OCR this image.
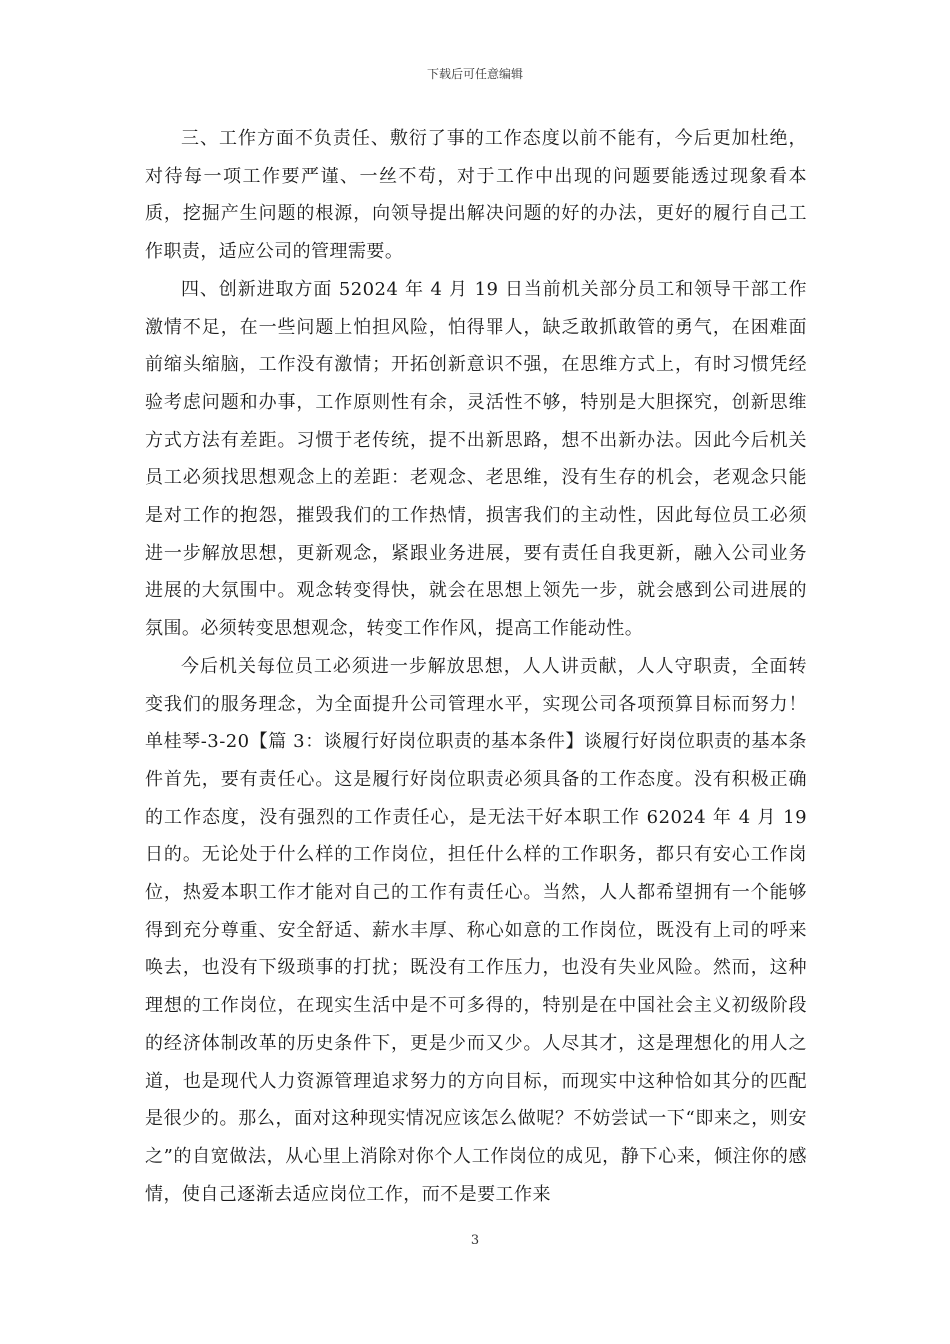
下载后可任意编辑

三、工作方面不负责任、敷衍了事的工作态度以前不能有，今后更加杜绝，对待每一项工作要严谨、一丝不苟，对于工作中出现的问题要能透过现象看本质，挖掘产生问题的根源，向领导提出解决问题的好的办法，更好的履行自己工作职责，适应公司的管理需要。

四、创新进取方面 52024 年 4 月 19 日当前机关部分员工和领导干部工作激情不足，在一些问题上怕担风险，怕得罪人，缺乏敢抓敢管的勇气，在困难面前缩头缩脑，工作没有激情；开拓创新意识不强，在思维方式上，有时习惯凭经验考虑问题和办事，工作原则性有余，灵活性不够，特别是大胆探究，创新思维方式方法有差距。习惯于老传统，提不出新思路，想不出新办法。因此今后机关员工必须找思想观念上的差距：老观念、老思维，没有生存的机会，老观念只能是对工作的抱怨，摧毁我们的工作热情，损害我们的主动性，因此每位员工必须进一步解放思想，更新观念，紧跟业务进展，要有责任自我更新，融入公司业务进展的大氛围中。观念转变得快，就会在思想上领先一步，就会感到公司进展的氛围。必须转变思想观念，转变工作作风，提高工作能动性。

今后机关每位员工必须进一步解放思想，人人讲贡献，人人守职责，全面转变我们的服务理念，为全面提升公司管理水平，实现公司各项预算目标而努力！单桂琴-3-20【篇 3：谈履行好岗位职责的基本条件】谈履行好岗位职责的基本条件首先，要有责任心。这是履行好岗位职责必须具备的工作态度。没有积极正确的工作态度，没有强烈的工作责任心，是无法干好本职工作 62024 年 4 月 19 日的。无论处于什么样的工作岗位，担任什么样的工作职务，都只有安心工作岗位，热爱本职工作才能对自己的工作有责任心。当然，人人都希望拥有一个能够得到充分尊重、安全舒适、薪水丰厚、称心如意的工作岗位，既没有上司的呼来唤去，也没有下级琐事的打扰；既没有工作压力，也没有失业风险。然而，这种理想的工作岗位，在现实生活中是不可多得的，特别是在中国社会主义初级阶段的经济体制改革的历史条件下，更是少而又少。人尽其才，这是理想化的用人之道，也是现代人力资源管理追求努力的方向目标，而现实中这种恰如其分的匹配是很少的。那么，面对这种现实情况应该怎么做呢？不妨尝试一下“即来之，则安之”的自宽做法，从心里上消除对你个人工作岗位的成见，静下心来，倾注你的感情，使自己逐渐去适应岗位工作，而不是要工作来

3
